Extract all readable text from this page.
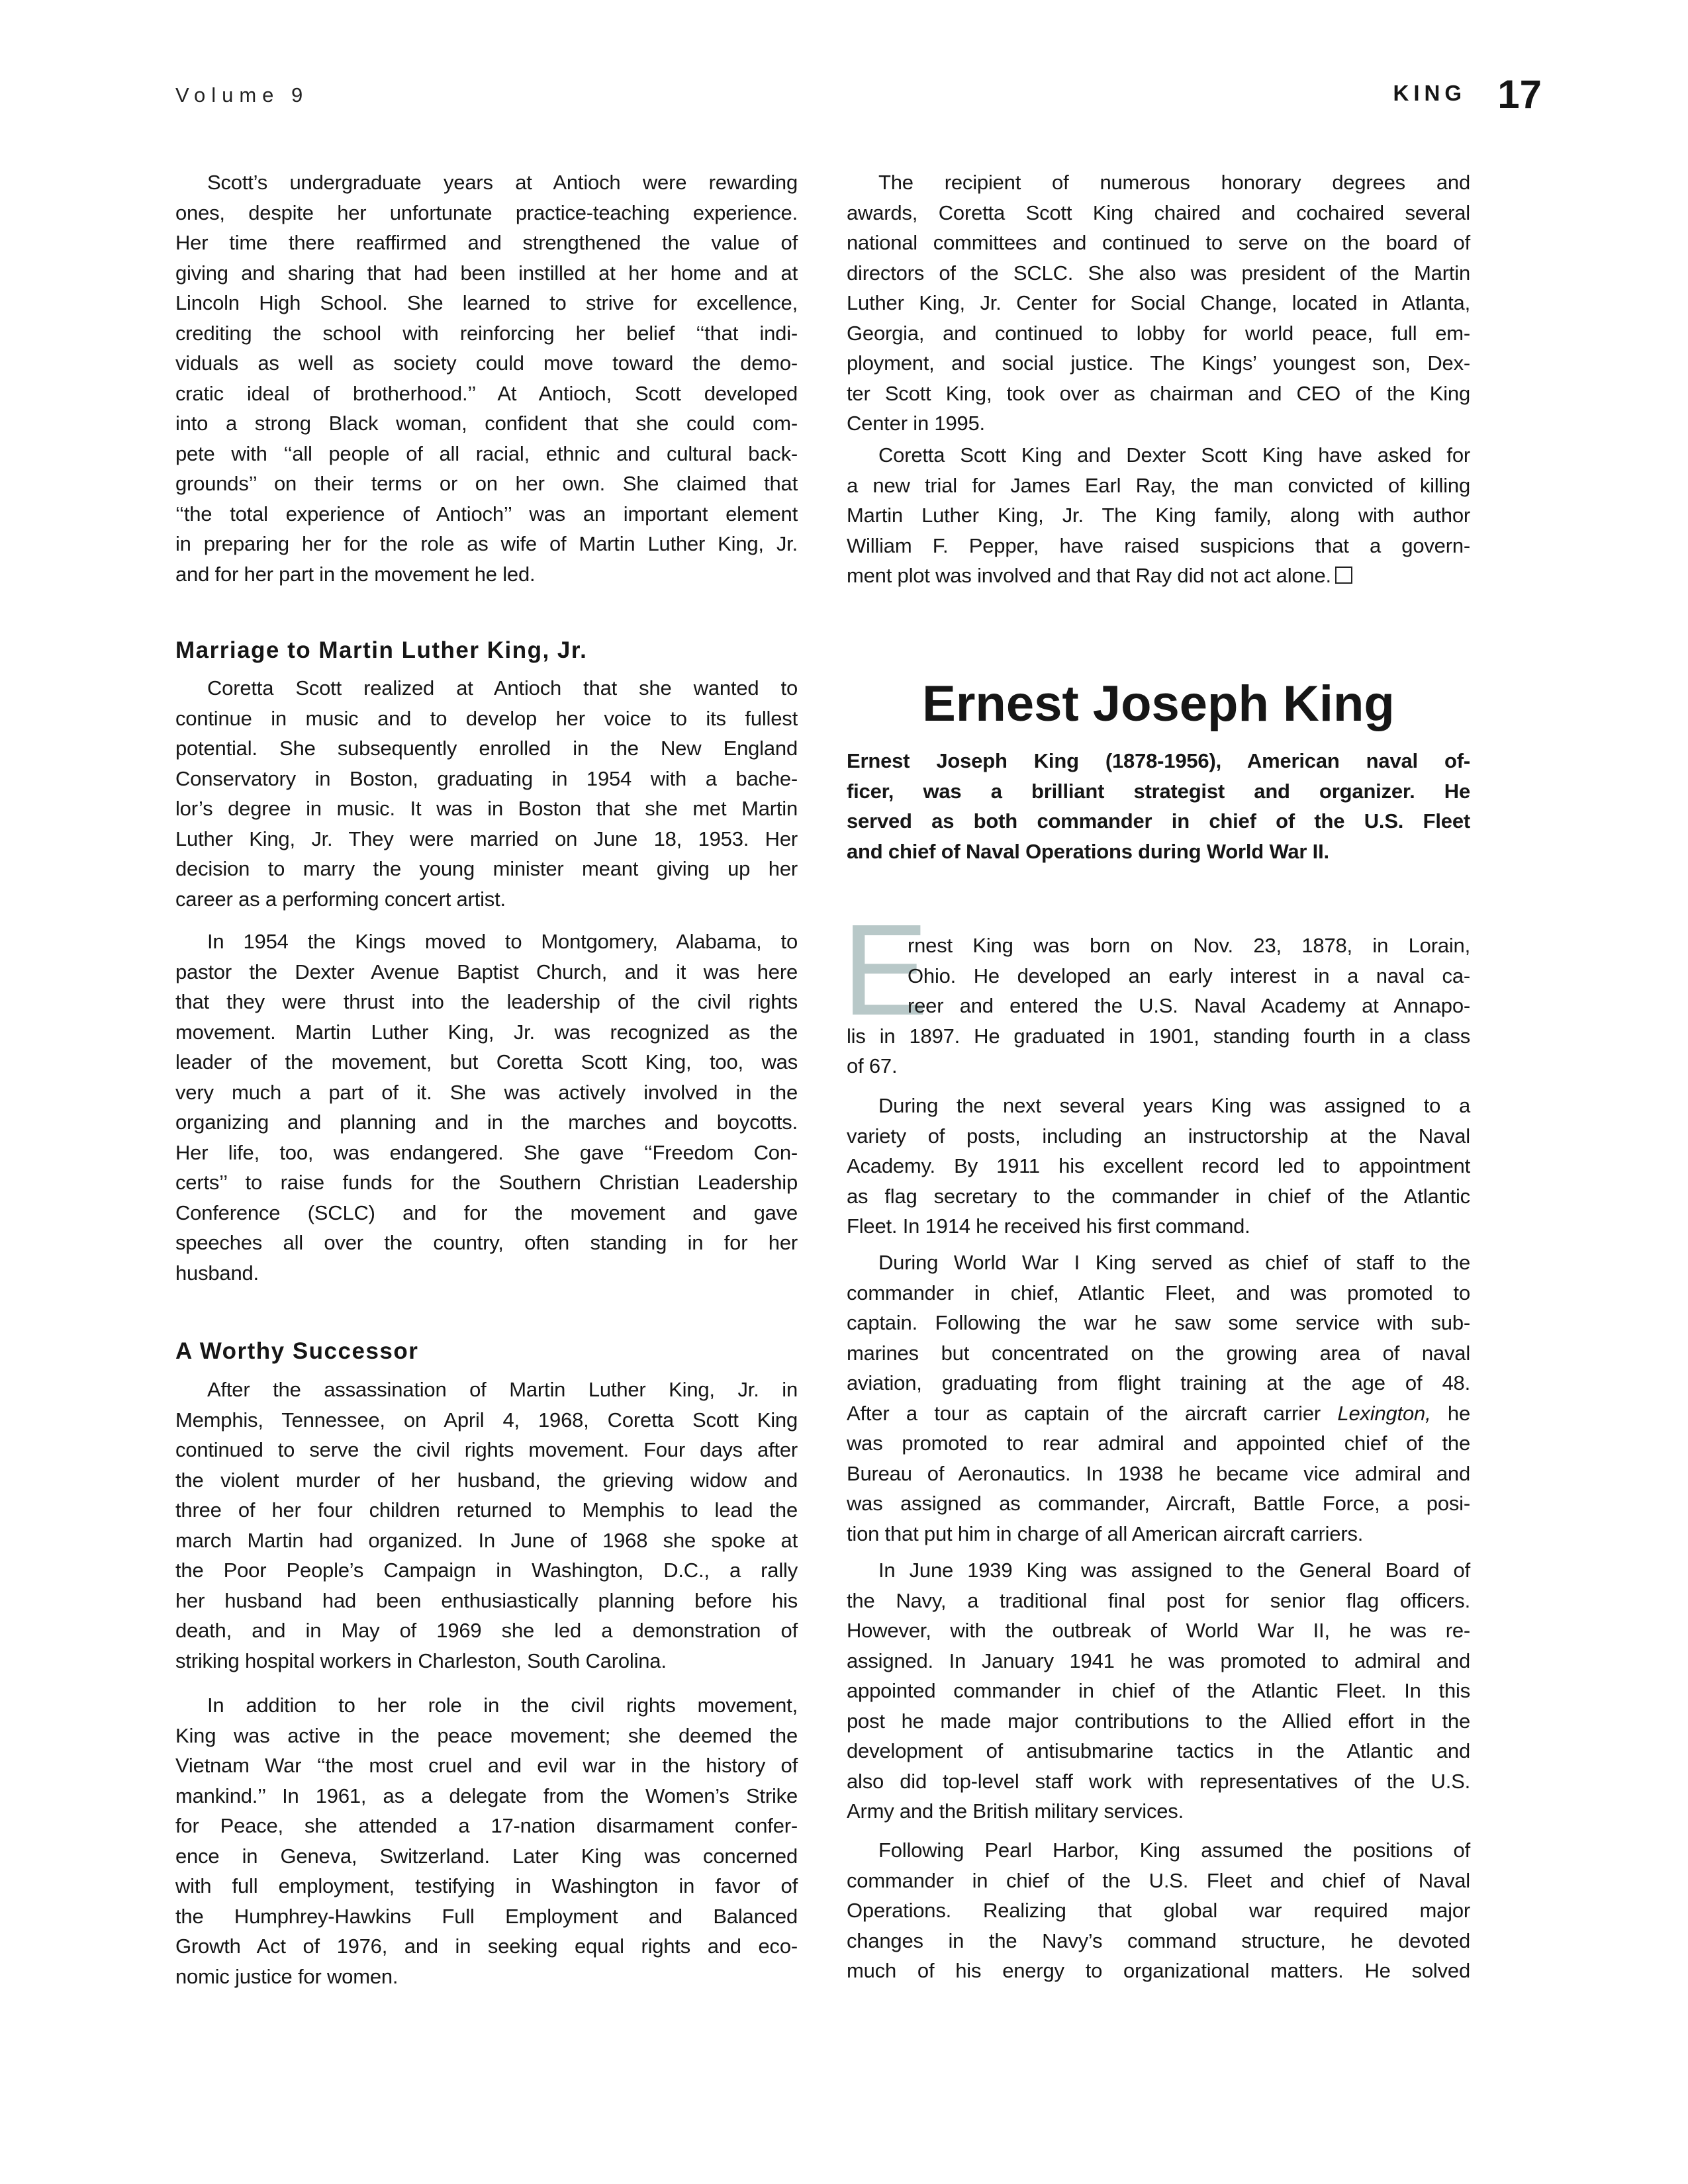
Volume 9	KING 17
Scott’s undergraduate years at Antioch were rewarding
ones, despite her unfortunate practice-teaching experience.
Her time there reaffirmed and strengthened the value of
giving and sharing that had been instilled at her home and at
Lincoln High School. She learned to strive for excellence,
crediting the school with reinforcing her belief ‘‘that indi-
viduals as well as society could move toward the demo-
cratic ideal of brotherhood.’’ At Antioch, Scott developed
into a strong Black woman, confident that she could com-
pete with ‘‘all people of all racial, ethnic and cultural back-
grounds’’ on their terms or on her own. She claimed that
‘‘the total experience of Antioch’’ was an important element
in preparing her for the role as wife of Martin Luther King, Jr.
and for her part in the movement he led.
Marriage to Martin Luther King, Jr.
Coretta Scott realized at Antioch that she wanted to
continue in music and to develop her voice to its fullest
potential. She subsequently enrolled in the New England
Conservatory in Boston, graduating in 1954 with a bache-
lor’s degree in music. It was in Boston that she met Martin
Luther King, Jr. They were married on June 18, 1953. Her
decision to marry the young minister meant giving up her
career as a performing concert artist.
In 1954 the Kings moved to Montgomery, Alabama, to
pastor the Dexter Avenue Baptist Church, and it was here
that they were thrust into the leadership of the civil rights
movement. Martin Luther King, Jr. was recognized as the
leader of the movement, but Coretta Scott King, too, was
very much a part of it. She was actively involved in the
organizing and planning and in the marches and boycotts.
Her life, too, was endangered. She gave ‘‘Freedom Con-
certs’’ to raise funds for the Southern Christian Leadership
Conference (SCLC) and for the movement and gave
speeches all over the country, often standing in for her
husband.
A Worthy Successor
After the assassination of Martin Luther King, Jr. in
Memphis, Tennessee, on April 4, 1968, Coretta Scott King
continued to serve the civil rights movement. Four days after
the violent murder of her husband, the grieving widow and
three of her four children returned to Memphis to lead the
march Martin had organized. In June of 1968 she spoke at
the Poor People’s Campaign in Washington, D.C., a rally
her husband had been enthusiastically planning before his
death, and in May of 1969 she led a demonstration of
striking hospital workers in Charleston, South Carolina.
In addition to her role in the civil rights movement,
King was active in the peace movement; she deemed the
Vietnam War ‘‘the most cruel and evil war in the history of
mankind.’’ In 1961, as a delegate from the Women’s Strike
for Peace, she attended a 17-nation disarmament confer-
ence in Geneva, Switzerland. Later King was concerned
with full employment, testifying in Washington in favor of
the Humphrey-Hawkins Full Employment and Balanced
Growth Act of 1976, and in seeking equal rights and eco-
nomic justice for women.
The recipient of numerous honorary degrees and
awards, Coretta Scott King chaired and cochaired several
national committees and continued to serve on the board of
directors of the SCLC. She also was president of the Martin
Luther King, Jr. Center for Social Change, located in Atlanta,
Georgia, and continued to lobby for world peace, full em-
ployment, and social justice. The Kings’ youngest son, Dex-
ter Scott King, took over as chairman and CEO of the King
Center in 1995.
Coretta Scott King and Dexter Scott King have asked for
a new trial for James Earl Ray, the man convicted of killing
Martin Luther King, Jr. The King family, along with author
William F. Pepper, have raised suspicions that a govern-
ment plot was involved and that Ray did not act alone.
Ernest Joseph King
Ernest Joseph King (1878-1956), American naval of-
ficer, was a brilliant strategist and organizer. He
served as both commander in chief of the U.S. Fleet
and chief of Naval Operations during World War II.
E
rnest King was born on Nov. 23, 1878, in Lorain,
Ohio. He developed an early interest in a naval ca-
reer and entered the U.S. Naval Academy at Annapo-
lis in 1897. He graduated in 1901, standing fourth in a class
of 67.
During the next several years King was assigned to a
variety of posts, including an instructorship at the Naval
Academy. By 1911 his excellent record led to appointment
as flag secretary to the commander in chief of the Atlantic
Fleet. In 1914 he received his first command.
During World War I King served as chief of staff to the
commander in chief, Atlantic Fleet, and was promoted to
captain. Following the war he saw some service with sub-
marines but concentrated on the growing area of naval
aviation, graduating from flight training at the age of 48.
After a tour as captain of the aircraft carrier Lexington, he
was promoted to rear admiral and appointed chief of the
Bureau of Aeronautics. In 1938 he became vice admiral and
was assigned as commander, Aircraft, Battle Force, a posi-
tion that put him in charge of all American aircraft carriers.
In June 1939 King was assigned to the General Board of
the Navy, a traditional final post for senior flag officers.
However, with the outbreak of World War II, he was re-
assigned. In January 1941 he was promoted to admiral and
appointed commander in chief of the Atlantic Fleet. In this
post he made major contributions to the Allied effort in the
development of antisubmarine tactics in the Atlantic and
also did top-level staff work with representatives of the U.S.
Army and the British military services.
Following Pearl Harbor, King assumed the positions of
commander in chief of the U.S. Fleet and chief of Naval
Operations. Realizing that global war required major
changes in the Navy’s command structure, he devoted
much of his energy to organizational matters. He solved
